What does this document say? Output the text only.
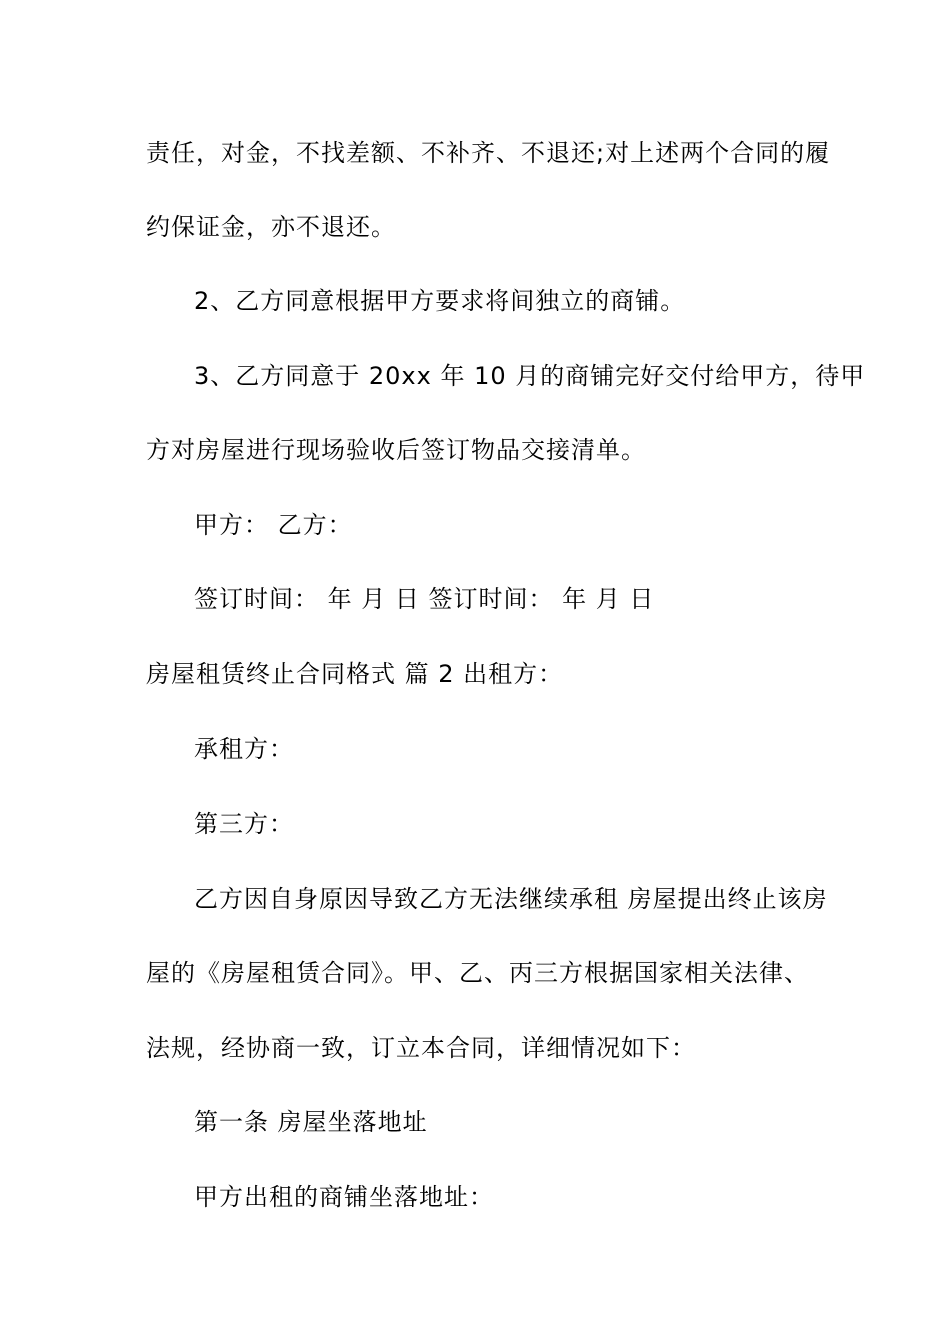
责任，对金，不找差额、不补齐、不退还;对上述两个合同的履
约保证金，亦不退还。
2、乙方同意根据甲方要求将间独立的商铺。
3、乙方同意于 20xx 年 10 月的商铺完好交付给甲方，待甲
方对房屋进行现场验收后签订物品交接清单。
甲方： 乙方：
签订时间： 年 月 日 签订时间： 年 月 日
房屋租赁终止合同格式 篇 2 出租方：
承租方：
第三方：
乙方因自身原因导致乙方无法继续承租 房屋提出终止该房
屋的《房屋租赁合同》。甲、乙、丙三方根据国家相关法律、
法规，经协商一致，订立本合同，详细情况如下：
第一条 房屋坐落地址
甲方出租的商铺坐落地址：
